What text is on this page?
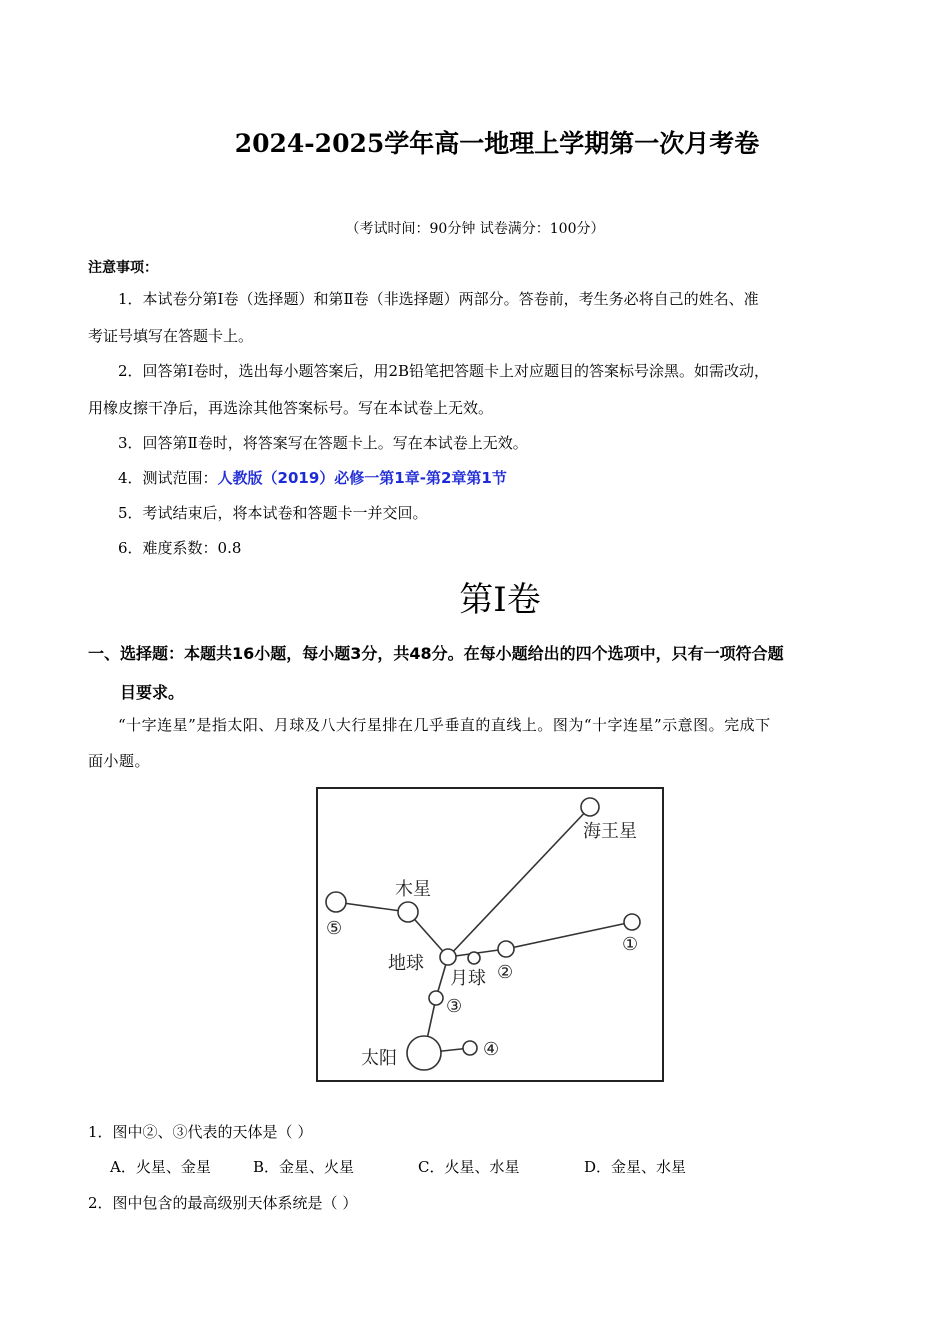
2024-2025学年高一地理上学期第一次月考卷
（考试时间：90分钟 试卷满分：100分）
注意事项：
1．本试卷分第Ⅰ卷（选择题）和第Ⅱ卷（非选择题）两部分。答卷前，考生务必将自己的姓名、准
考证号填写在答题卡上。
2．回答第Ⅰ卷时，选出每小题答案后，用2B铅笔把答题卡上对应题目的答案标号涂黑。如需改动，
用橡皮擦干净后，再选涂其他答案标号。写在本试卷上无效。
3．回答第Ⅱ卷时，将答案写在答题卡上。写在本试卷上无效。
4．测试范围：人教版（2019）必修一第1章-第2章第1节
5．考试结束后，将本试卷和答题卡一并交回。
6．难度系数：0.8
第Ⅰ卷
一、选择题：本题共16小题，每小题3分，共48分。在每小题给出的四个选项中，只有一项符合题
目要求。
“十字连星”是指太阳、月球及八大行星排在几乎垂直的直线上。图为“十字连星”示意图。完成下
面小题。
海王星
木星
地球
月球
太阳
①
②
③
④
⑤
1．图中②、③代表的天体是（ ）
A．火星、金星	B．金星、火星	C．火星、水星	D．金星、水星
2．图中包含的最高级别天体系统是（ ）
